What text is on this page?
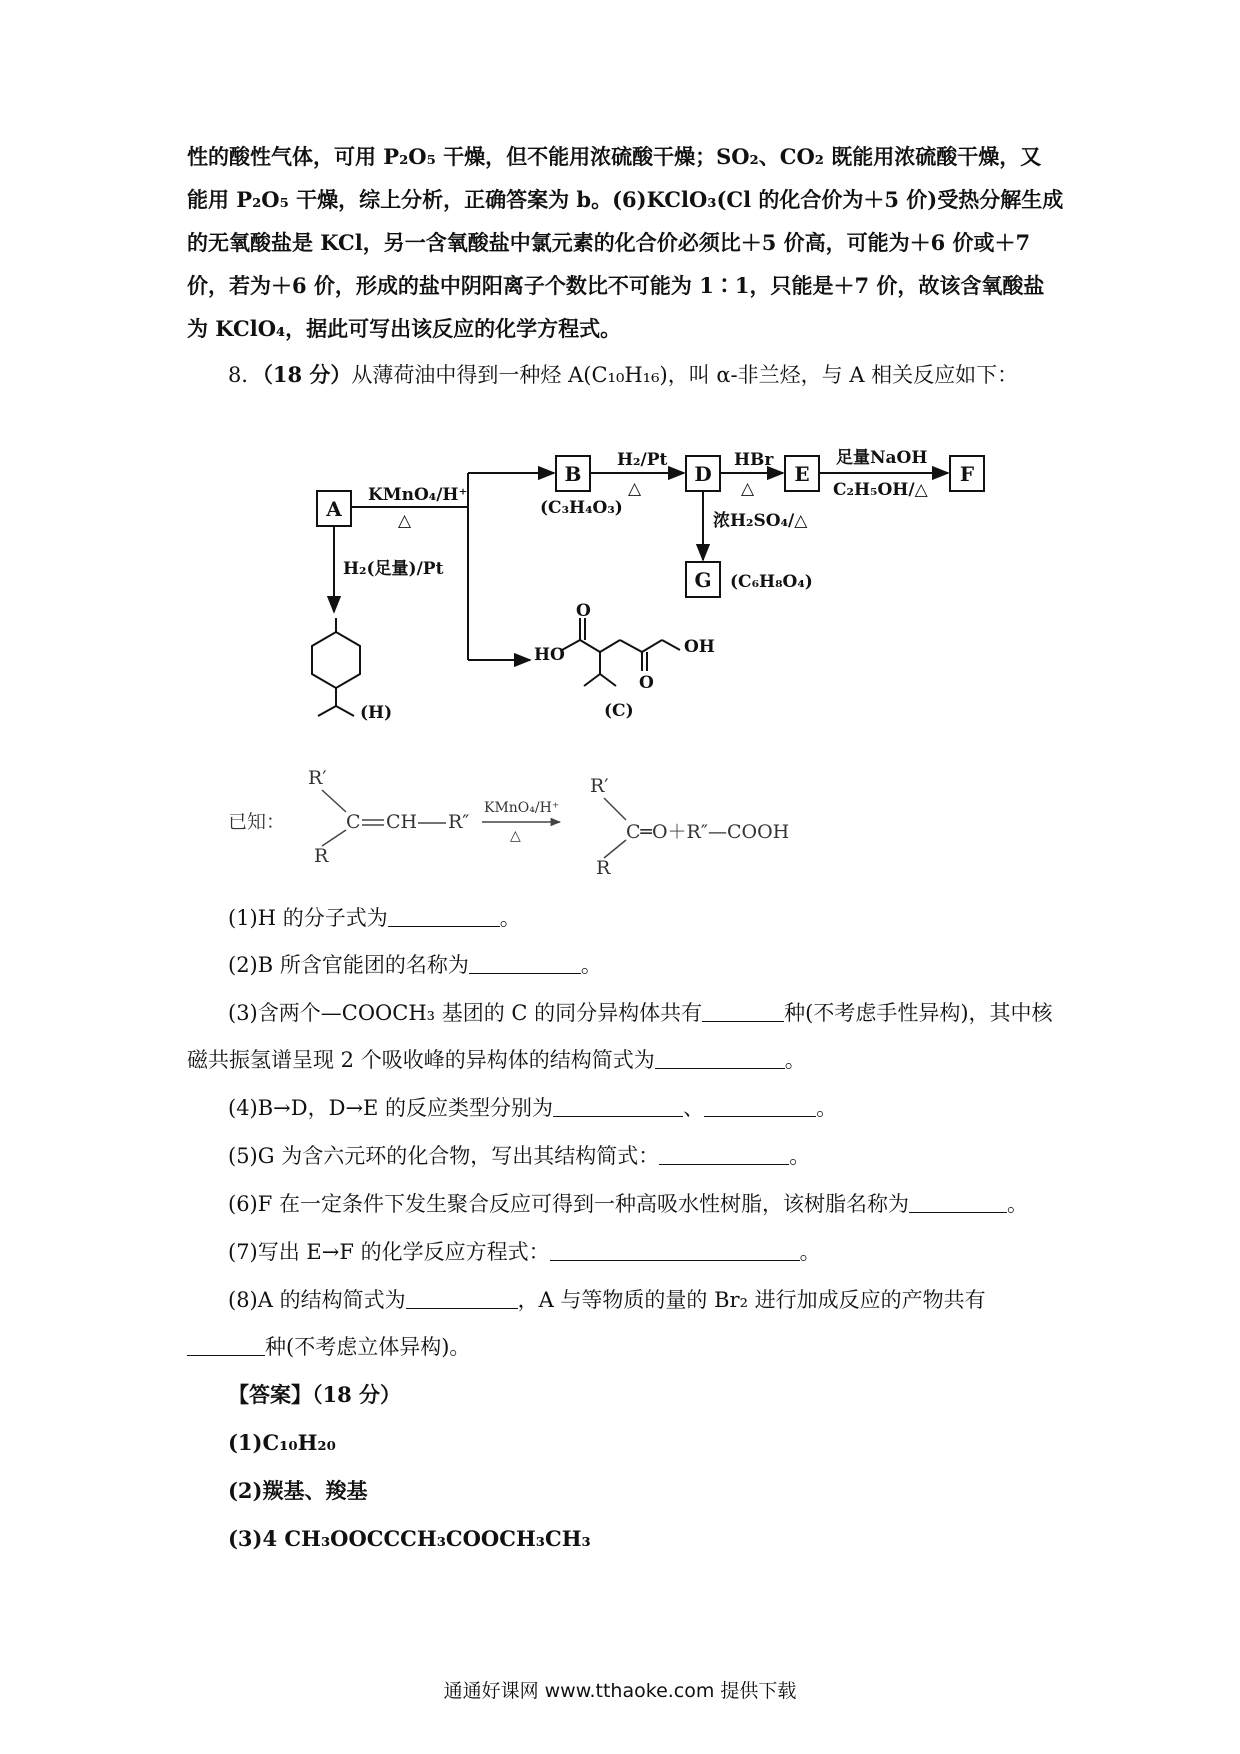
性的酸性气体，可用 P₂O₅ 干燥，但不能用浓硫酸干燥；SO₂、CO₂ 既能用浓硫酸干燥，又
能用 P₂O₅ 干燥，综上分析，正确答案为 b。(6)KClO₃(Cl 的化合价为＋5 价)受热分解生成
的无氧酸盐是 KCl，另一含氧酸盐中氯元素的化合价必须比＋5 价高，可能为＋6 价或＋7
价，若为＋6 价，形成的盐中阴阳离子个数比不可能为 1∶1，只能是＋7 价，故该含氧酸盐
为 KClO₄，据此可写出该反应的化学方程式。
8．（18 分）从薄荷油中得到一种烃 A(C₁₀H₁₆)，叫 α-非兰烃，与 A 相关反应如下：
A
B	D	E	F
G
KMnO₄/H⁺
△
H₂/Pt
△
HBr
△
足量NaOH
C₂H₅OH/△
浓H₂SO₄/△
H₂(足量)/Pt
(C₃H₄O₃)
(C₆H₈O₄)
(H)	(C)
HO
O
OH
O
已知：
R′
R
C CH R″
R′
R
C═O＋R″—COOH
KMnO₄/H⁺
△
(1)H 的分子式为	。
(2)B 所含官能团的名称为	。
(3)含两个—COOCH₃ 基团的 C 的同分异构体共有	种(不考虑手性异构)，其中核
磁共振氢谱呈现 2 个吸收峰的异构体的结构简式为	。
(4)B→D，D→E 的反应类型分别为	、	。
(5)G 为含六元环的化合物，写出其结构简式：	。
(6)F 在一定条件下发生聚合反应可得到一种高吸水性树脂，该树脂名称为	。
(7)写出 E→F 的化学反应方程式：	。
(8)A 的结构简式为	，A 与等物质的量的 Br₂ 进行加成反应的产物共有
种(不考虑立体异构)。
【答案】（18 分）
(1)C₁₀H₂₀
(2)羰基、羧基
(3)4 CH₃OOCCCH₃COOCH₃CH₃
通通好课网 www.tthaoke.com 提供下载
